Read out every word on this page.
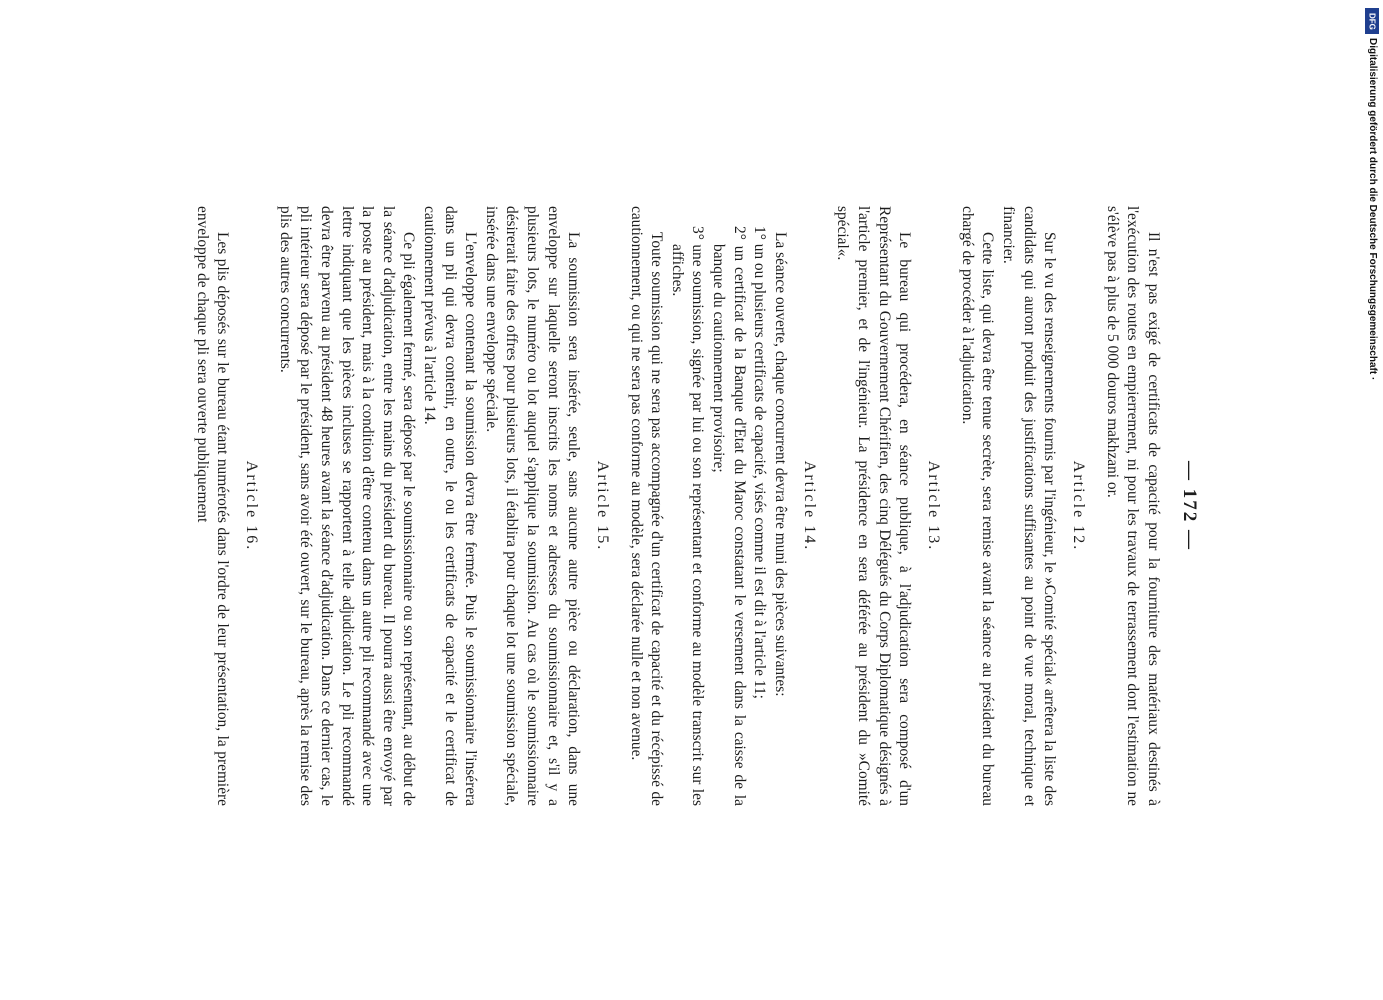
— 172 —

Il n'est pas exigé de certificats de capacité pour la fourniture des matériaux destinés à l'exécution des routes en empierrement, ni pour les travaux de terrassement dont l'estimation ne s'élève pas à plus de 5 000 douros makhzani or.

Article 12.

Sur le vu des renseignements fournis par l'ingénieur, le »Comité spécial« arrêtera la liste des candidats qui auront produit des justifications suffisantes au point de vue moral, technique et financier.

Cette liste, qui devra être tenue secrète, sera remise avant la séance au président du bureau chargé de procéder à l'adjudication.

Article 13.

Le bureau qui procédera, en séance publique, à l'adjudication sera composé d'un Représentant du Gouvernement Chérifien, des cinq Délégués du Corps Diplomatique désignés à l'article premier, et de l'ingénieur. La présidence en sera déférée au président du »Comité spécial«.

Article 14.

La séance ouverte, chaque concurrent devra être muni des pièces suivantes:

1° un ou plusieurs certificats de capacité, visés comme il est dit à l'article 11;

2° un certificat de la Banque d'Etat du Maroc constatant le versement dans la caisse de la banque du cautionnement provisoire;

3° une soumission, signée par lui ou son représentant et conforme au modèle transcrit sur les affiches.

Toute soumission qui ne sera pas accompagnée d'un certificat de capacité et du récépissé de cautionnement, ou qui ne sera pas conforme au modèle, sera déclarée nulle et non avenue.

Article 15.

La soumission sera insérée, seule, sans aucune autre pièce ou déclaration, dans une enveloppe sur laquelle seront inscrits les noms et adresses du soumissionnaire et, s'il y a plusieurs lots, le numéro ou lot auquel s'applique la soumission. Au cas où le soumissionnaire désirerait faire des offres pour plusieurs lots, il établira pour chaque lot une soumission spéciale, insérée dans une enveloppe spéciale.

L'enveloppe contenant la soumission devra être fermée. Puis le soumissionnaire l'insérera dans un pli qui devra contenir, en outre, le ou les certificats de capacité et le certificat de cautionnement prévus à l'article 14.

Ce pli également fermé, sera déposé par le soumissionnaire ou son représentant, au début de la séance d'adjudication, entre les mains du président du bureau. Il pourra aussi être envoyé par la poste au président, mais à la condition d'être contenu dans un autre pli recommandé avec une lettre indiquant que les pièces incluses se rapportent à telle adjudication. Le pli recommandé devra être parvenu au président 48 heures avant la séance d'adjudication. Dans ce dernier cas, le pli intérieur sera déposé par le président, sans avoir été ouvert, sur le bureau, après la remise des plis des autres concurrents.

Article 16.

Les plis déposés sur le bureau étant numérotés dans l'ordre de leur présentation, la première enveloppe de chaque pli sera ouverte publiquement

DFG
Digitalisierung gefördert durch die Deutsche Forschungsgemeinschaft ·
